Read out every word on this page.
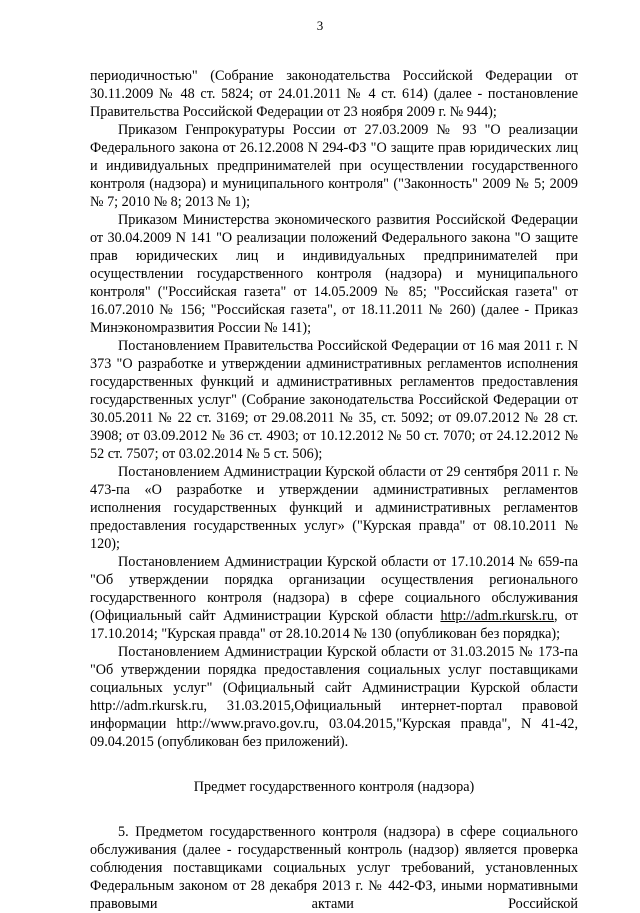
3

периодичностью" (Собрание законодательства Российской Федерации от 30.11.2009 № 48 ст. 5824; от 24.01.2011 № 4 ст. 614) (далее - постановление Правительства Российской Федерации от 23 ноября 2009 г. № 944);

Приказом Генпрокуратуры России от 27.03.2009 № 93 "О реализации Федерального закона от 26.12.2008 N 294-ФЗ "О защите прав юридических лиц и индивидуальных предпринимателей при осуществлении государственного контроля (надзора) и муниципального контроля" ("Законность" 2009 № 5; 2009 № 7; 2010 № 8; 2013 № 1);

Приказом Министерства экономического развития Российской Федерации от 30.04.2009 N 141 "О реализации положений Федерального закона "О защите прав юридических лиц и индивидуальных предпринимателей при осуществлении государственного контроля (надзора) и муниципального контроля" ("Российская газета" от 14.05.2009 № 85; "Российская газета" от 16.07.2010 № 156; "Российская газета", от 18.11.2011 № 260) (далее - Приказ Минэкономразвития России № 141);

Постановлением Правительства Российской Федерации от 16 мая 2011 г. N 373 "О разработке и утверждении административных регламентов исполнения государственных функций и административных регламентов предоставления государственных услуг" (Собрание законодательства Российской Федерации от 30.05.2011 № 22 ст. 3169; от 29.08.2011 № 35, ст. 5092; от 09.07.2012 № 28 ст. 3908; от 03.09.2012 № 36 ст. 4903; от 10.12.2012 № 50 ст. 7070; от 24.12.2012 № 52 ст. 7507; от 03.02.2014 № 5 ст. 506);

Постановлением Администрации Курской области от 29 сентября 2011 г. № 473-па «О разработке и утверждении административных регламентов исполнения государственных функций и административных регламентов предоставления государственных услуг» ("Курская правда" от 08.10.2011 № 120);

Постановлением Администрации Курской области от 17.10.2014 № 659-па "Об утверждении порядка организации осуществления регионального государственного контроля (надзора) в сфере социального обслуживания (Официальный сайт Администрации Курской области http://adm.rkursk.ru, от 17.10.2014; "Курская правда" от 28.10.2014 № 130 (опубликован без порядка);

Постановлением Администрации Курской области от 31.03.2015 № 173-па "Об утверждении порядка предоставления социальных услуг поставщиками социальных услуг" (Официальный сайт Администрации Курской области http://adm.rkursk.ru, 31.03.2015,Официальный интернет-портал правовой информации http://www.pravo.gov.ru, 03.04.2015,"Курская правда", N 41-42, 09.04.2015 (опубликован без приложений).

Предмет государственного контроля (надзора)

5. Предметом государственного контроля (надзора) в сфере социального обслуживания (далее - государственный контроль (надзор) является проверка соблюдения поставщиками социальных услуг требований, установленных Федеральным законом от 28 декабря 2013 г. № 442-ФЗ, иными нормативными правовыми актами Российской
